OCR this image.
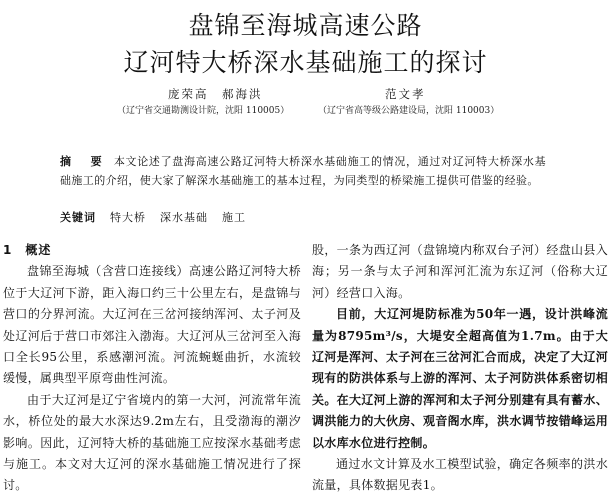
盘锦至海城高速公路
辽河特大桥深水基础施工的探讨
庞荣高　郝海洪	范文孝
（辽宁省交通勘测设计院，沈阳 110005）	（辽宁省高等级公路建设局，沈阳 110003）
摘　要 本文论述了盘海高速公路辽河特大桥深水基础施工的情况，通过对辽河特大桥深水基础施工的介绍，使大家了解深水基础施工的基本过程，为同类型的桥梁施工提供可借鉴的经验。
关键词 特大桥 深水基础 施工
1　概述

盘锦至海城（含营口连接线）高速公路辽河特大桥位于大辽河下游，距入海口约三十公里左右，是盘锦与营口的分界河流。大辽河在三岔河接纳浑河、太子河及处辽河后于营口市郊注入渤海。大辽河从三岔河至入海口全长95公里，系感潮河流。河流蜿蜒曲折，水流较缓慢，属典型平原弯曲性河流。

由于大辽河是辽宁省境内的第一大河，河流常年流水，桥位处的最大水深达9.2m左右，且受渤海的潮汐影响。因此，辽河特大桥的基础施工应按深水基础考虑与施工。本文对大辽河的深水基础施工情况进行了探讨。

股，一条为西辽河（盘锦境内称双台子河）经盘山县入海；另一条与太子河和浑河汇流为东辽河（俗称大辽河）经营口入海。

目前，大辽河堤防标准为50年一遇，设计洪峰流量为8795m³/s，大堤安全超高值为1.7m。由于大辽河是浑河、太子河在三岔河汇合而成，决定了大辽河现有的防洪体系与上游的浑河、太子河防洪体系密切相关。在大辽河上游的浑河和太子河分别建有具有蓄水、调洪能力的大伙房、观音阁水库，洪水调节按错峰运用以水库水位进行控制。

通过水文计算及水工模型试验，确定各频率的洪水流量，具体数据见表1。
